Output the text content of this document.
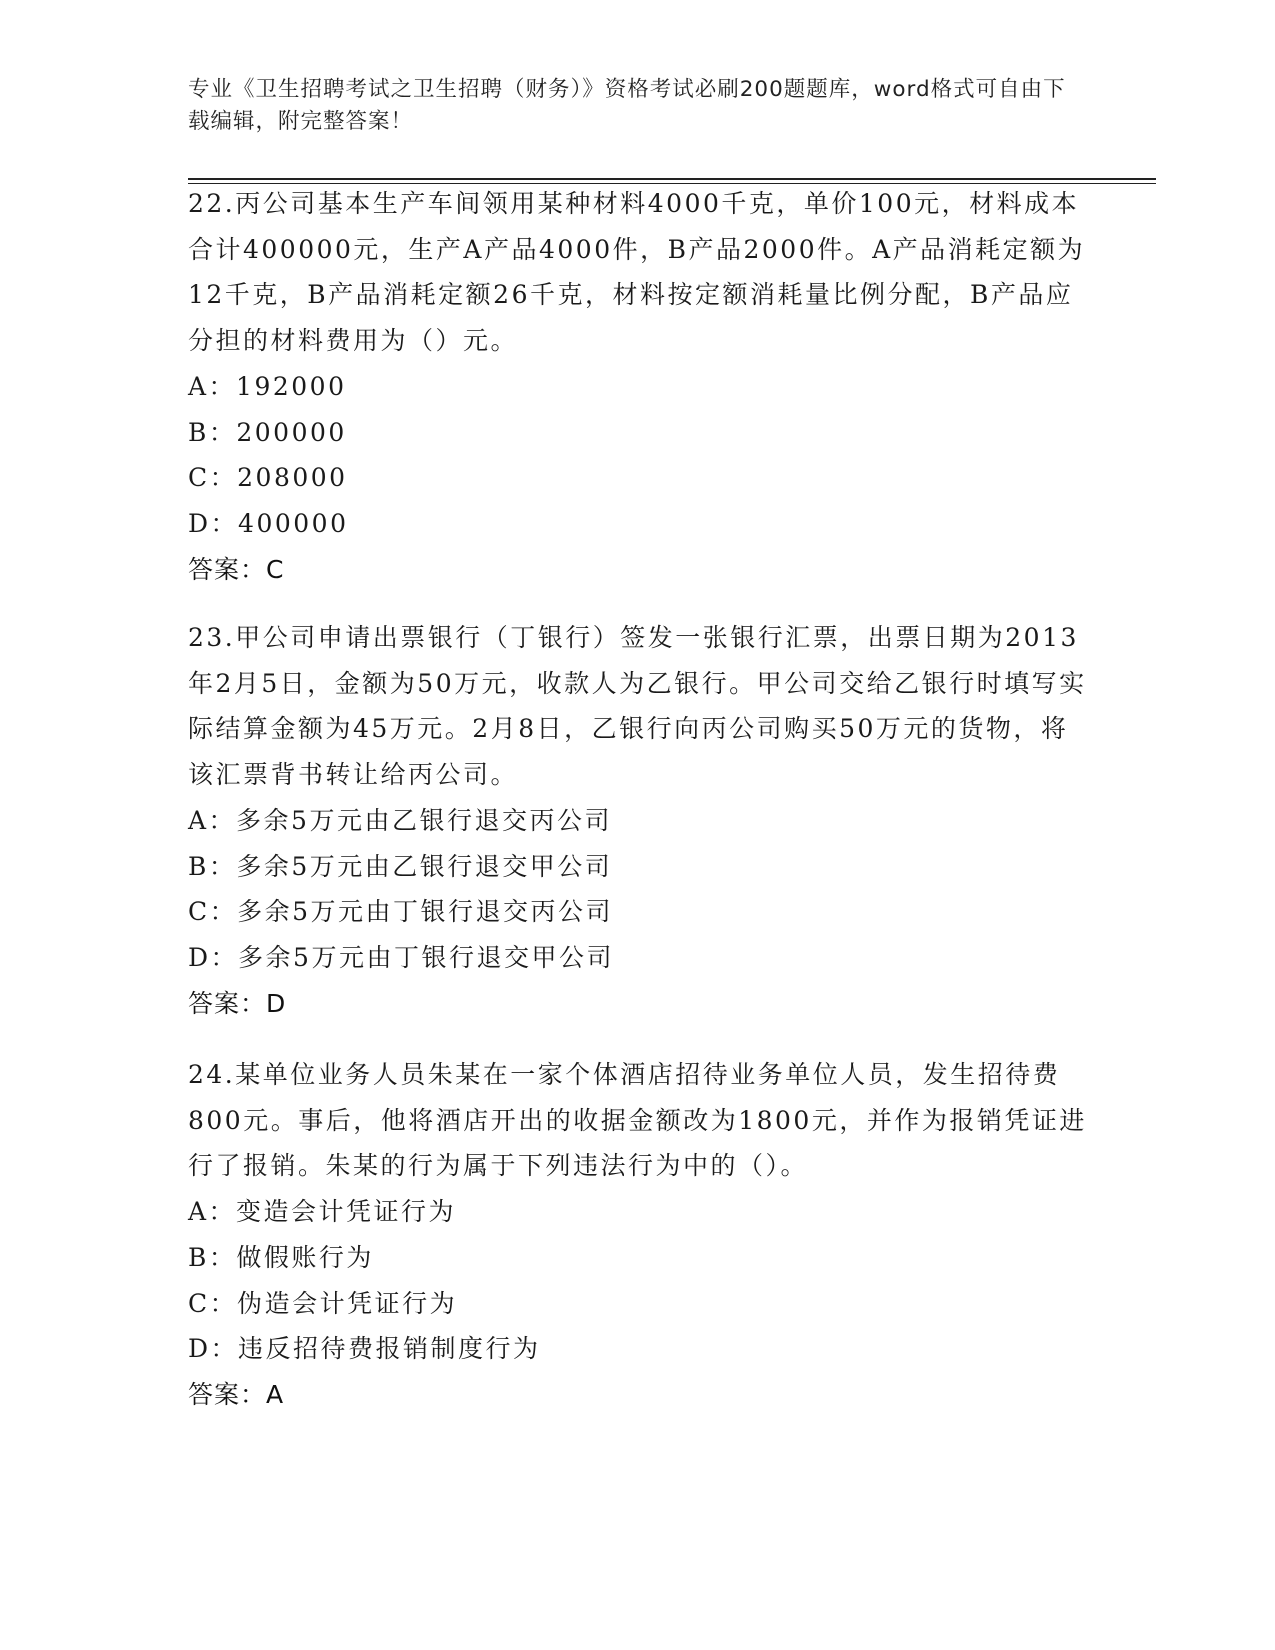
专业《卫生招聘考试之卫生招聘（财务）》资格考试必刷200题题库，word格式可自由下载编辑，附完整答案！

22.丙公司基本生产车间领用某种材料4000千克，单价100元，材料成本合计400000元，生产A产品4000件，B产品2000件。A产品消耗定额为12千克，B产品消耗定额26千克，材料按定额消耗量比例分配，B产品应分担的材料费用为（）元。

A：192000

B：200000

C：208000

D：400000

答案：C

23.甲公司申请出票银行（丁银行）签发一张银行汇票，出票日期为2013年2月5日，金额为50万元，收款人为乙银行。甲公司交给乙银行时填写实际结算金额为45万元。2月8日，乙银行向丙公司购买50万元的货物，将该汇票背书转让给丙公司。

A：多余5万元由乙银行退交丙公司

B：多余5万元由乙银行退交甲公司

C：多余5万元由丁银行退交丙公司

D：多余5万元由丁银行退交甲公司

答案：D

24.某单位业务人员朱某在一家个体酒店招待业务单位人员，发生招待费800元。事后，他将酒店开出的收据金额改为1800元，并作为报销凭证进行了报销。朱某的行为属于下列违法行为中的（）。

A：变造会计凭证行为

B：做假账行为

C：伪造会计凭证行为

D：违反招待费报销制度行为

答案：A
